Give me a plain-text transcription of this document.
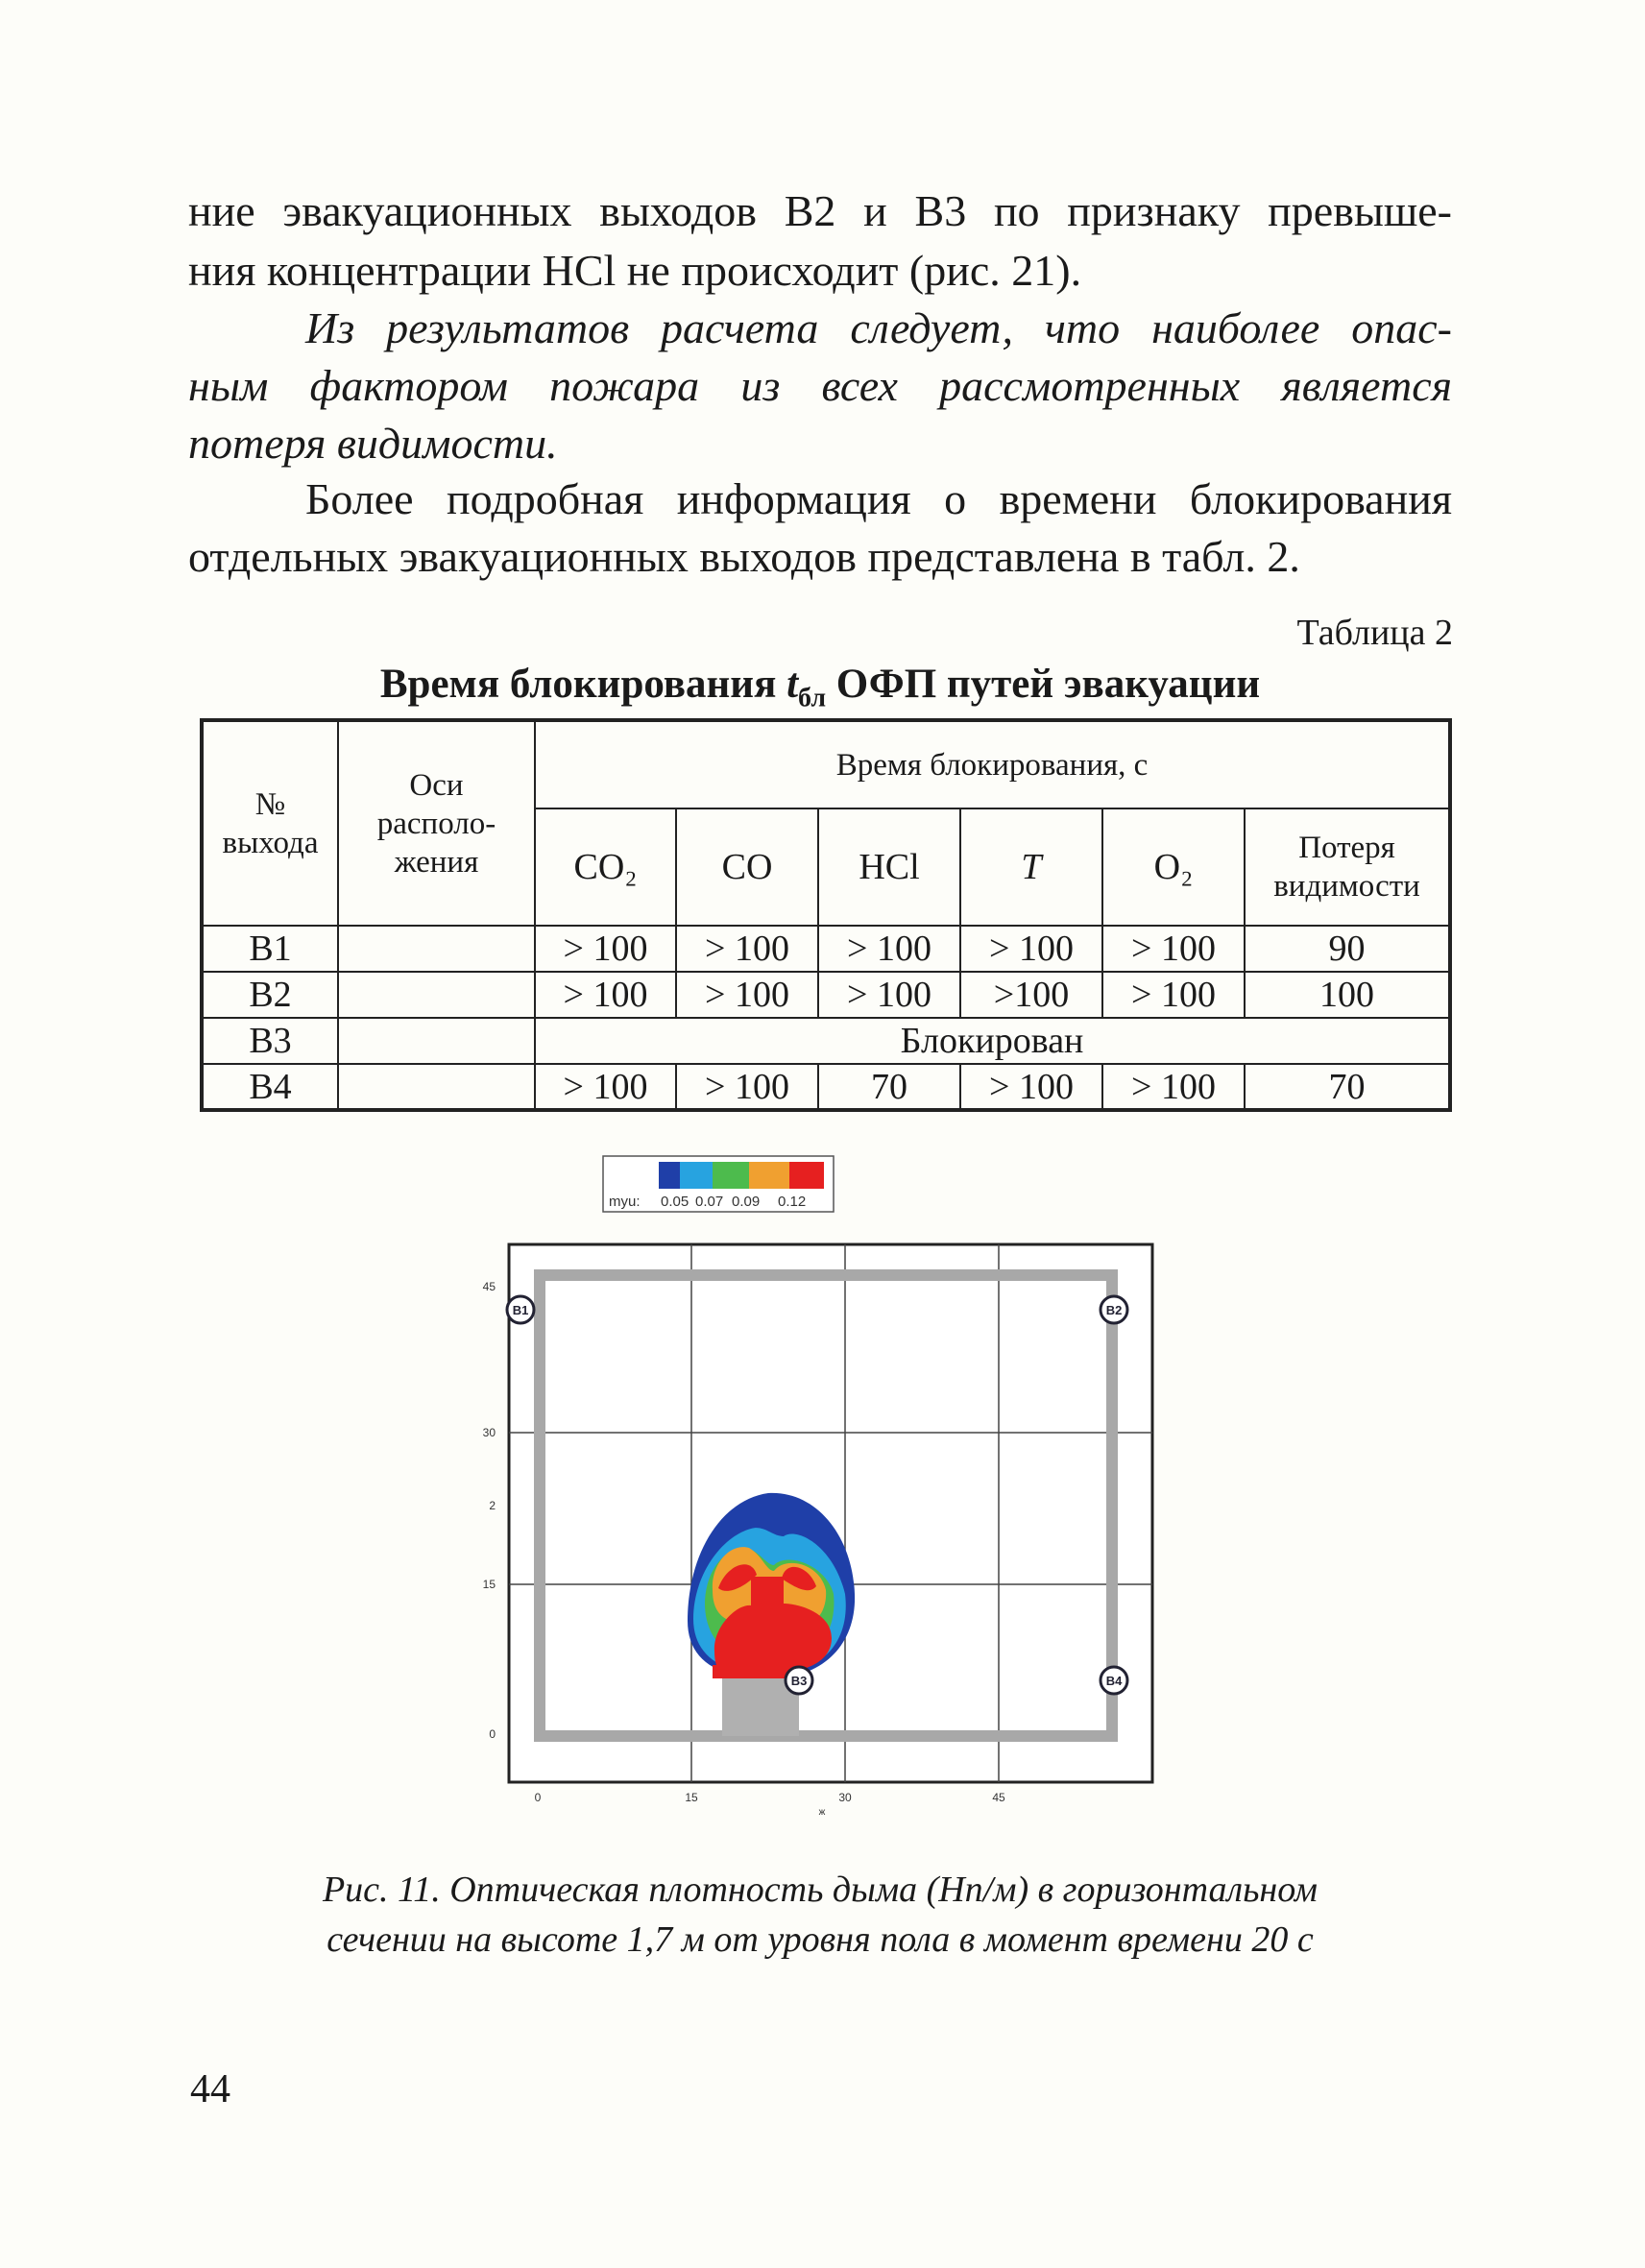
ние эвакуационных выходов В2 и В3 по признаку превыше-

ния концентрации HCl не происходит (рис. 21).

Из результатов расчета следует, что наиболее опас-

ным фактором пожара из всех рассмотренных является

потеря видимости.

Более подробная информация о времени блокирования

отдельных эвакуационных выходов представлена в табл. 2.

Таблица 2
Время блокирования $t_{бл}$ ОФП путей эвакуации
№
выхода	Оси располо- жения	Время блокирования, с					
		CO₂	CO	HCl	T	O₂	Потеря видимости
В1		> 100	> 100	> 100	> 100	> 100	90
В2		> 100	> 100	> 100	>100	> 100	100
В3		Блокирован					
В4		> 100	> 100	70	> 100	> 100	70
myu: 0.05 0.07 0.09 0.12
В1	В2
В3	В4
45
30
2
15
0
0	15	30	45
ж
Рис. 11. Оптическая плотность дыма (Нп/м) в горизонтальном
сечении на высоте 1,7 м от уровня пола в момент времени 20 с
44
